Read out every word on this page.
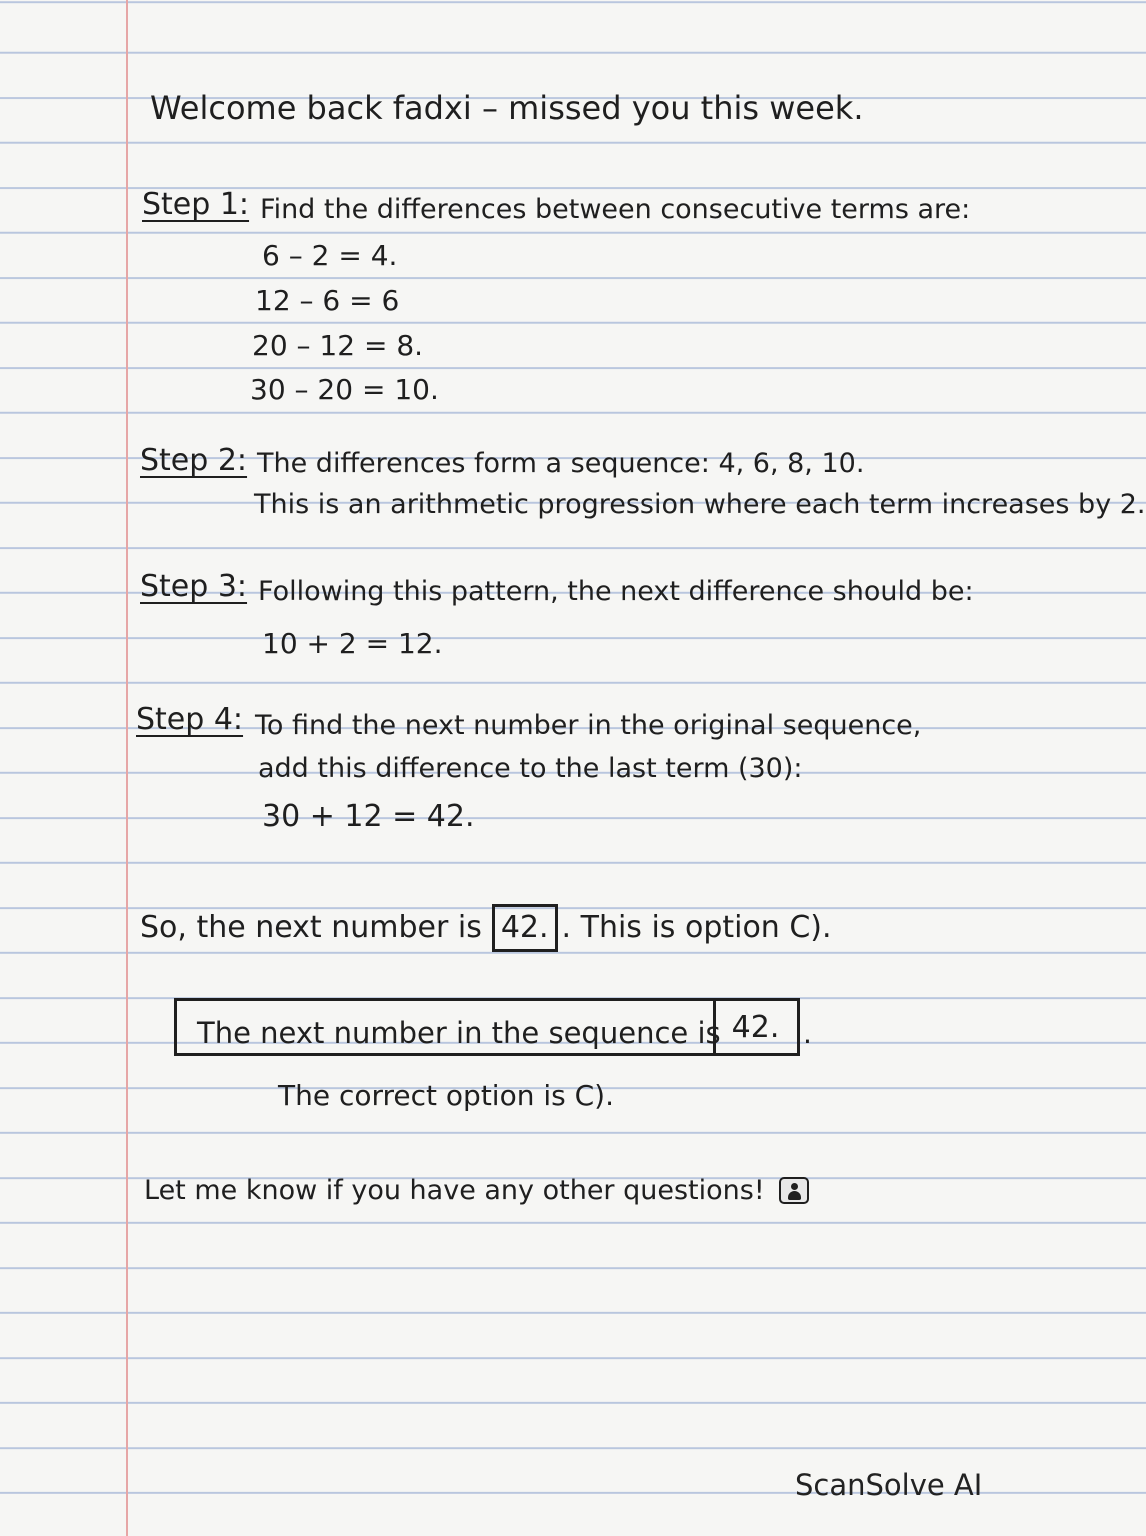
Welcome back fadxi – missed you this week.
Step 1: Find the differences between consecutive terms are:
6 – 2 = 4.
12 – 6 = 6
20 – 12 = 8.
30 – 20 = 10.
Step 2: The differences form a sequence: 4, 6, 8, 10.
This is an arithmetic progression where each term increases by 2.
Step 3: Following this pattern, the next difference should be:
10 + 2 = 12.
Step 4: To find the next number in the original sequence,
add this difference to the last term (30):
30 + 12 = 42.
So, the next number is 42. . This is option C).
The next number in the sequence is 42. .
The correct option is C).
Let me know if you have any other questions!
ScanSolve AI
